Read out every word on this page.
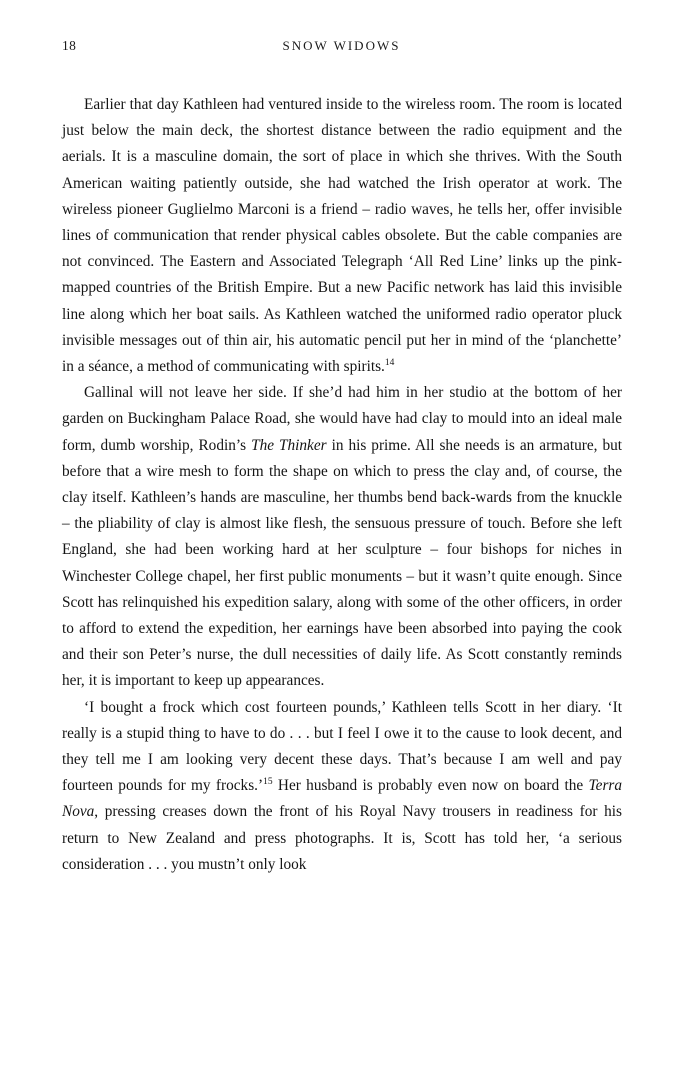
18	SNOW WIDOWS

Earlier that day Kathleen had ventured inside to the wireless room. The room is located just below the main deck, the shortest distance between the radio equipment and the aerials. It is a masculine domain, the sort of place in which she thrives. With the South American waiting patiently outside, she had watched the Irish operator at work. The wireless pioneer Guglielmo Marconi is a friend – radio waves, he tells her, offer invisible lines of communication that render physical cables obsolete. But the cable companies are not convinced. The Eastern and Associated Telegraph ‘All Red Line’ links up the pink-mapped countries of the British Empire. But a new Pacific network has laid this invisible line along which her boat sails. As Kathleen watched the uniformed radio operator pluck invisible messages out of thin air, his automatic pencil put her in mind of the ‘planchette’ in a séance, a method of communicating with spirits.$^{14}$

Gallinal will not leave her side. If she’d had him in her studio at the bottom of her garden on Buckingham Palace Road, she would have had clay to mould into an ideal male form, dumb worship, Rodin’s The Thinker in his prime. All she needs is an armature, but before that a wire mesh to form the shape on which to press the clay and, of course, the clay itself. Kathleen’s hands are masculine, her thumbs bend back-wards from the knuckle – the pliability of clay is almost like flesh, the sensuous pressure of touch. Before she left England, she had been working hard at her sculpture – four bishops for niches in Winchester College chapel, her first public monuments – but it wasn’t quite enough. Since Scott has relinquished his expedition salary, along with some of the other officers, in order to afford to extend the expedition, her earnings have been absorbed into paying the cook and their son Peter’s nurse, the dull necessities of daily life. As Scott constantly reminds her, it is important to keep up appearances.

‘I bought a frock which cost fourteen pounds,’ Kathleen tells Scott in her diary. ‘It really is a stupid thing to have to do . . . but I feel I owe it to the cause to look decent, and they tell me I am looking very decent these days. That’s because I am well and pay fourteen pounds for my frocks.’$^{15}$ Her husband is probably even now on board the Terra Nova, pressing creases down the front of his Royal Navy trousers in readiness for his return to New Zealand and press photographs. It is, Scott has told her, ‘a serious consideration . . . you mustn’t only look
